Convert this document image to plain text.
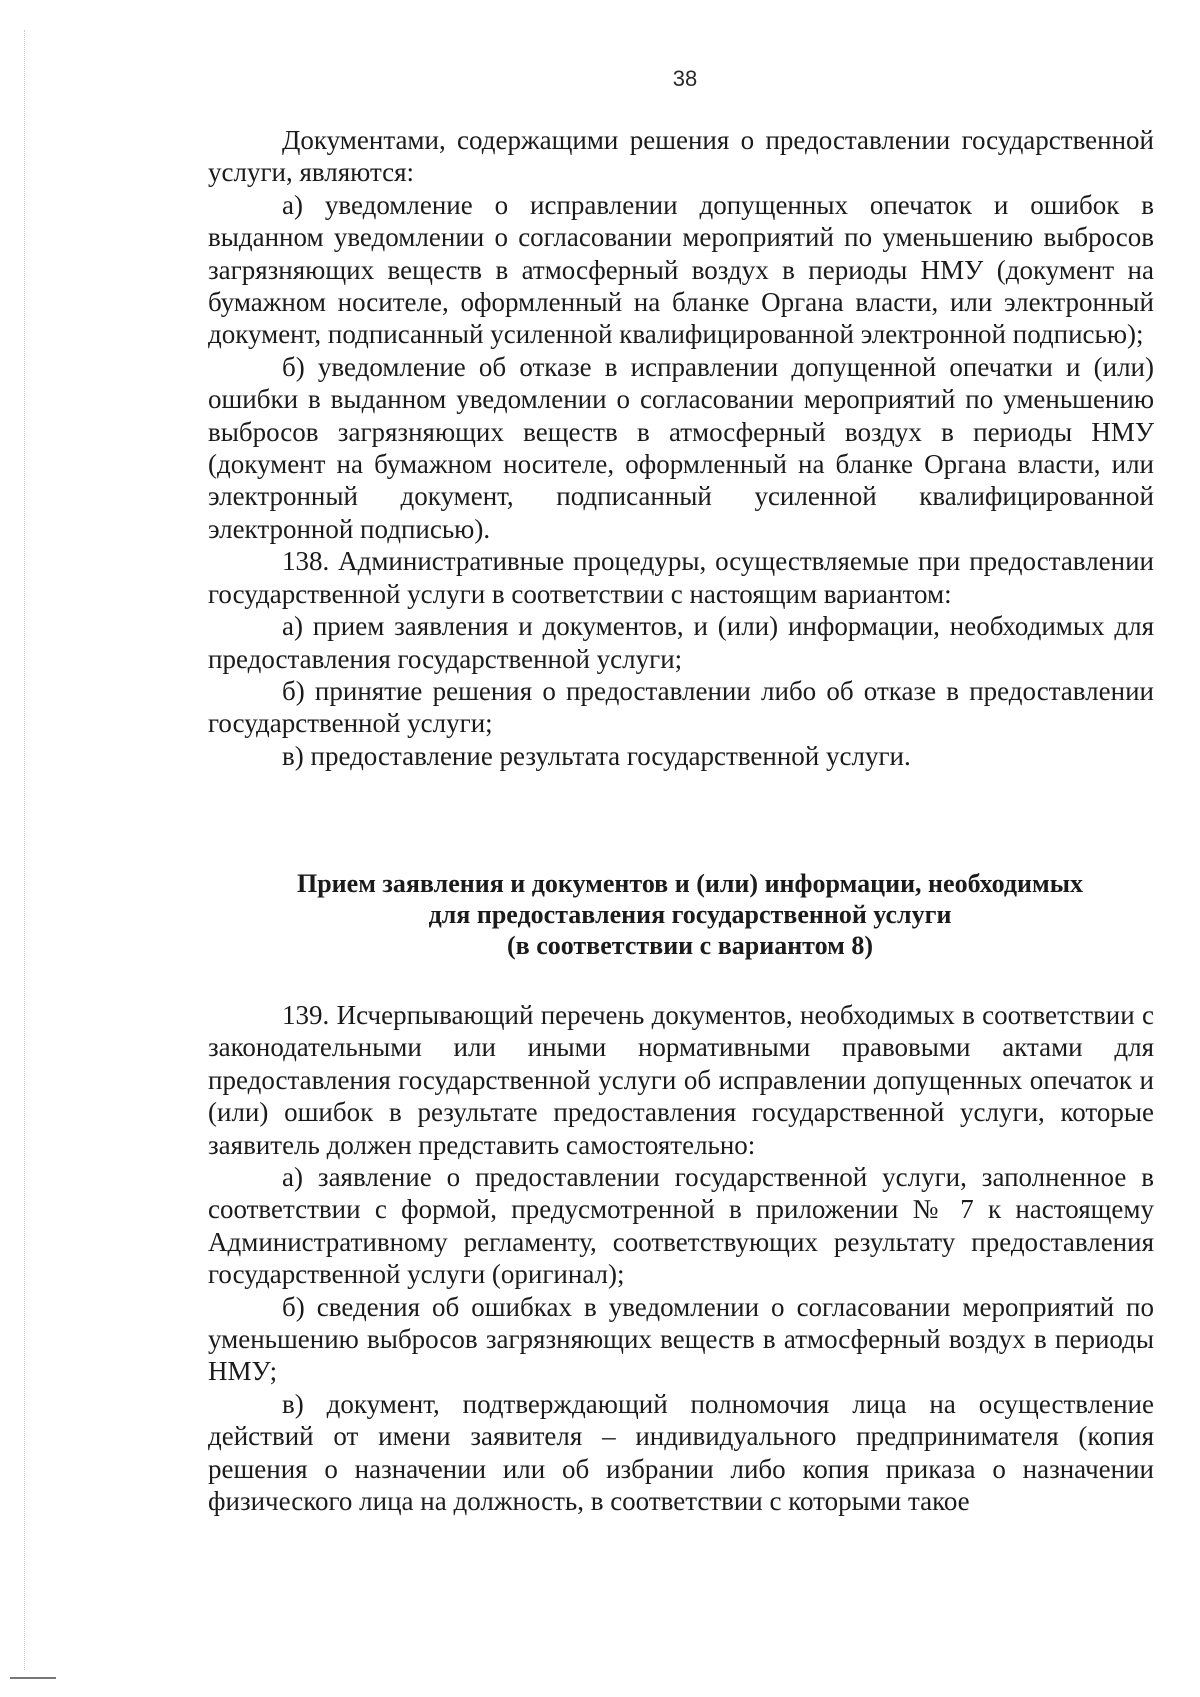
38

Документами, содержащими решения о предоставлении государственной услуги, являются:

а) уведомление о исправлении допущенных опечаток и ошибок в выданном уведомлении о согласовании мероприятий по уменьшению выбросов загрязняющих веществ в атмосферный воздух в периоды НМУ (документ на бумажном носителе, оформленный на бланке Органа власти, или электронный документ, подписанный усиленной квалифицированной электронной подписью);

б) уведомление об отказе в исправлении допущенной опечатки и (или) ошибки в выданном уведомлении о согласовании мероприятий по уменьшению выбросов загрязняющих веществ в атмосферный воздух в периоды НМУ (документ на бумажном носителе, оформленный на бланке Органа власти, или электронный документ, подписанный усиленной квалифицированной электронной подписью).

138. Административные процедуры, осуществляемые при предоставлении государственной услуги в соответствии с настоящим вариантом:

а) прием заявления и документов, и (или) информации, необходимых для предоставления государственной услуги;

б) принятие решения о предоставлении либо об отказе в предоставлении государственной услуги;

в) предоставление результата государственной услуги.

Прием заявления и документов и (или) информации, необходимых
для предоставления государственной услуги
(в соответствии с вариантом 8)

139. Исчерпывающий перечень документов, необходимых в соответствии с законодательными или иными нормативными правовыми актами для предоставления государственной услуги об исправлении допущенных опечаток и (или) ошибок в результате предоставления государственной услуги, которые заявитель должен представить самостоятельно:

а) заявление о предоставлении государственной услуги, заполненное в соответствии с формой, предусмотренной в приложении № 7 к настоящему Административному регламенту, соответствующих результату предоставления государственной услуги (оригинал);

б) сведения об ошибках в уведомлении о согласовании мероприятий по уменьшению выбросов загрязняющих веществ в атмосферный воздух в периоды НМУ;

в) документ, подтверждающий полномочия лица на осуществление действий от имени заявителя – индивидуального предпринимателя (копия решения о назначении или об избрании либо копия приказа о назначении физического лица на должность, в соответствии с которыми такое
